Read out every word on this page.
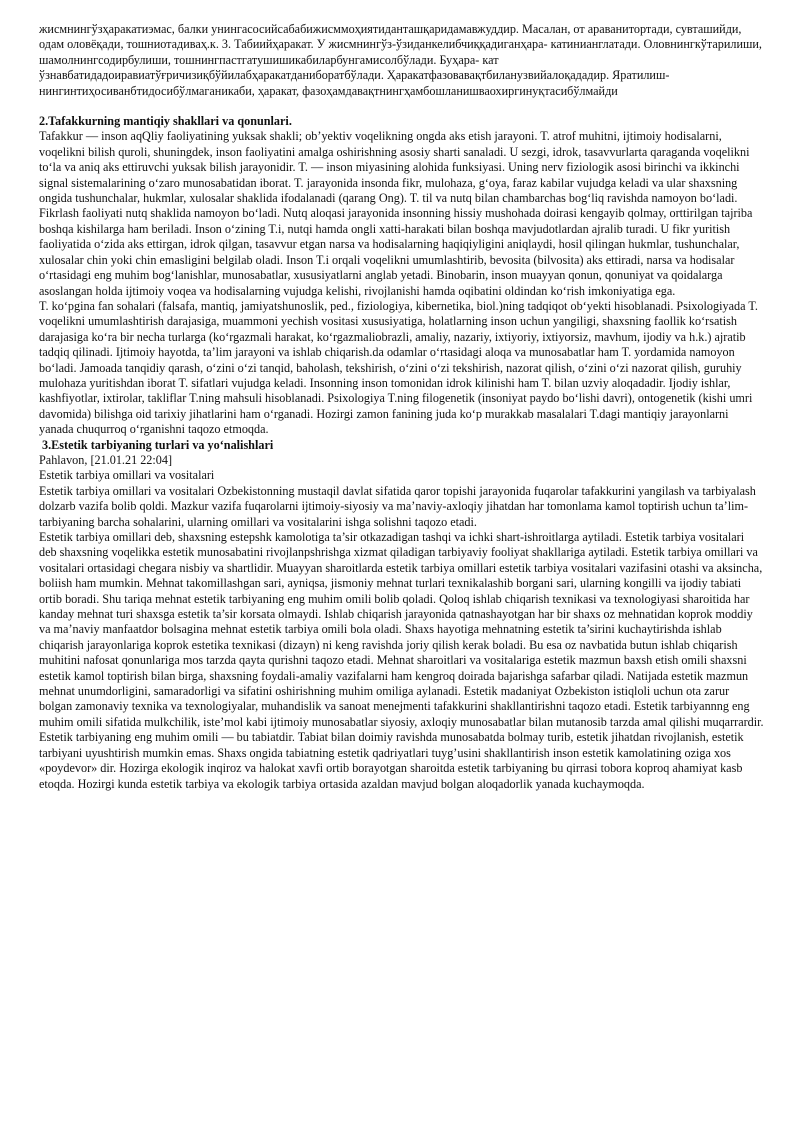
жисмнингўзҳаракатиэмас, балки унингасосийсабабижисммоҳиятиданташқаридамавжуддир. Масалан, от араванитортади, сувташийди, одам оловёқади, тошниотадиваҳ.к. 3. Табиийҳаракат. У жисмнингўз-ўзиданкелибчиққадиганҳара- катинианглатади. Оловнингкўтарилиши, шамолнингсодирбулиши, тошнингпастгатушишикабиларбунгамисолбўлади. Буҳара- кат ўзнавбатидадоиравиатўғричизиқбўйилабҳаракатданиборатбўлади. Ҳаракатфазовавақтбиланузвийалоқададир. Яратилиш-нингинтиҳосиванбтидосибўлмаганикаби, ҳаракат, фазоҳамдавақтнингҳамбошланишваохиргинуқтасибўлмайди

2.Tafakkurning mantiqiy shakllari va qonunlari.

Tafakkur — inson aqQliy faoliyatining yuksak shakli; ob’yektiv voqelikning ongda aks etish jarayoni. T. atrof muhitni, ijtimoiy hodisalarni, voqelikni bilish quroli, shuningdek, inson faoliyatini amalga oshirishning asosiy sharti sanaladi. U sezgi, idrok, tasavvurlarta qaraganda voqelikni toʻla va aniq aks ettiruvchi yuksak bilish jarayonidir. T. — inson miyasining alohida funksiyasi. Uning nerv fiziologik asosi birinchi va ikkinchi signal sistemalarining oʻzaro munosabatidan iborat. T. jarayonida insonda fikr, mulohaza, gʻoya, faraz kabilar vujudga keladi va ular shaxsning ongida tushunchalar, hukmlar, xulosalar shaklida ifodalanadi (qarang Ong). T. til va nutq bilan chambarchas bogʻliq ravishda namoyon boʻladi. Fikrlash faoliyati nutq shaklida namoyon boʻladi. Nutq aloqasi jarayonida insonning hissiy mushohada doirasi kengayib qolmay, orttirilgan tajriba boshqa kishilarga ham beriladi. Inson oʻzining T.i, nutqi hamda ongli xatti-harakati bilan boshqa mavjudotlardan ajralib turadi. U fikr yuritish faoliyatida oʻzida aks ettirgan, idrok qilgan, tasavvur etgan narsa va hodisalarning haqiqiyligini aniqlaydi, hosil qilingan hukmlar, tushunchalar, xulosalar chin yoki chin emasligini belgilab oladi. Inson T.i orqali voqelikni umumlashtirib, bevosita (bilvosita) aks ettiradi, narsa va hodisalar oʻrtasidagi eng muhim bogʻlanishlar, munosabatlar, xususiyatlarni anglab yetadi. Binobarin, inson muayyan qonun, qonuniyat va qoidalarga asoslangan holda ijtimoiy voqea va hodisalarning vujudga kelishi, rivojlanishi hamda oqibatini oldindan koʻrish imkoniyatiga ega.

T. koʻpgina fan sohalari (falsafa, mantiq, jamiyatshunoslik, ped., fiziologiya, kibernetika, biol.)ning tadqiqot obʻyekti hisoblanadi. Psixologiyada T. voqelikni umumlashtirish darajasiga, muammoni yechish vositasi xususiyatiga, holatlarning inson uchun yangiligi, shaxsning faollik koʻrsatish darajasiga koʻra bir necha turlarga (koʻrgazmali harakat, koʻrgazmaliobrazli, amaliy, nazariy, ixtiyoriy, ixtiyorsiz, mavhum, ijodiy va h.k.) ajratib tadqiq qilinadi. Ijtimoiy hayotda, ta’lim jarayoni va ishlab chiqarish.da odamlar oʻrtasidagi aloqa va munosabatlar ham T. yordamida namoyon boʻladi. Jamoada tanqidiy qarash, oʻzini oʻzi tanqid, baholash, tekshirish, oʻzini oʻzi tekshirish, nazorat qilish, oʻzini oʻzi nazorat qilish, guruhiy mulohaza yuritishdan iborat T. sifatlari vujudga keladi. Insonning inson tomonidan idrok kilinishi ham T. bilan uzviy aloqadadir. Ijodiy ishlar, kashfiyotlar, ixtirolar, takliflar T.ning mahsuli hisoblanadi. Psixologiya T.ning filogenetik (insoniyat paydo boʻlishi davri), ontogenetik (kishi umri davomida) bilishga oid tarixiy jihatlarini ham oʻrganadi. Hozirgi zamon fanining juda koʻp murakkab masalalari T.dagi mantiqiy jarayonlarni yanada chuqurroq oʻrganishni taqozo etmoqda.

3.Estetik tarbiyaning turlari va yoʻnalishlari

Pahlavon, [21.01.21 22:04]

Estetik tarbiya omillari va vositalari

Estetik tarbiya omillari va vositalari Ozbekistonning mustaqil davlat sifatida qaror topishi jarayonida fuqarolar tafakkurini yangilash va tarbiyalash dolzarb vazifa bolib qoldi. Mazkur vazifa fuqarolarni ijtimoiy-siyosiy va ma’naviy-axloqiy jihatdan har tomonlama kamol toptirish uchun ta’lim-tarbiyaning barcha sohalarini, ularning omillari va vositalarini ishga solishni taqozo etadi.

Estetik tarbiya omillari deb, shaxsning estepshk kamolotiga ta’sir otkazadigan tashqi va ichki shart-ishroitlarga aytiladi. Estetik tarbiya vositalari deb shaxsning voqelikka estetik munosabatini rivojlanpshrishga xizmat qiladigan tarbiyaviy fooliyat shakllariga aytiladi. Estetik tarbiya omillari va vositalari ortasidagi chegara nisbiy va shartlidir. Muayyan sharoitlarda estetik tarbiya omillari estetik tarbiya vositalari vazifasini otashi va aksincha, boliish ham mumkin. Mehnat takomillashgan sari, ayniqsa, jismoniy mehnat turlari texnikalashib borgani sari, ularning kongilli va ijodiy tabiati ortib boradi. Shu tariqa mehnat estetik tarbiyaning eng muhim omili bolib qoladi. Qoloq ishlab chiqarish texnikasi va texnologiyasi sharoitida har kanday mehnat turi shaxsga estetik ta’sir korsata olmaydi. Ishlab chiqarish jarayonida qatnashayotgan har bir shaxs oz mehnatidan koprok moddiy va ma’naviy manfaatdor bolsagina mehnat estetik tarbiya omili bola oladi. Shaxs hayotiga mehnatning estetik ta’sirini kuchaytirishda ishlab chiqarish jarayonlariga koprok estetika texnikasi (dizayn) ni keng ravishda joriy qilish kerak boladi. Bu esa oz navbatida butun ishlab chiqarish muhitini nafosat qonunlariga mos tarzda qayta qurishni taqozo etadi. Mehnat sharoitlari va vositalariga estetik mazmun baxsh etish omili shaxsni estetik kamol toptirish bilan birga, shaxsning foydali-amaliy vazifalarni ham kengroq doirada bajarishga safarbar qiladi. Natijada estetik mazmun mehnat unumdorligini, samaradorligi va sifatini oshirishning muhim omiliga aylanadi. Estetik madaniyat Ozbekiston istiqloli uchun ota zarur bolgan zamonaviy texnika va texnologiyalar, muhandislik va sanoat menejmenti tafakkurini shakllantirishni taqozo etadi. Estetik tarbiyannng eng muhim omili sifatida mulkchilik, iste’mol kabi ijtimoiy munosabatlar siyosiy, axloqiy munosabatlar bilan mutanosib tarzda amal qilishi muqarrardir.

Estetik tarbiyaning eng muhim omili — bu tabiatdir. Tabiat bilan doimiy ravishda munosabatda bolmay turib, estetik jihatdan rivojlanish, estetik tarbiyani uyushtirish mumkin emas. Shaxs ongida tabiatning estetik qadriyatlari tuyg’usini shakllantirish inson estetik kamolatining oziga xos «poydevor» dir. Hozirga ekologik inqiroz va halokat xavfi ortib borayotgan sharoitda estetik tarbiyaning bu qirrasi tobora koproq ahamiyat kasb etoqda. Hozirgi kunda estetik tarbiya va ekologik tarbiya ortasida azaldan mavjud bolgan aloqadorlik yanada kuchaymoqda.
